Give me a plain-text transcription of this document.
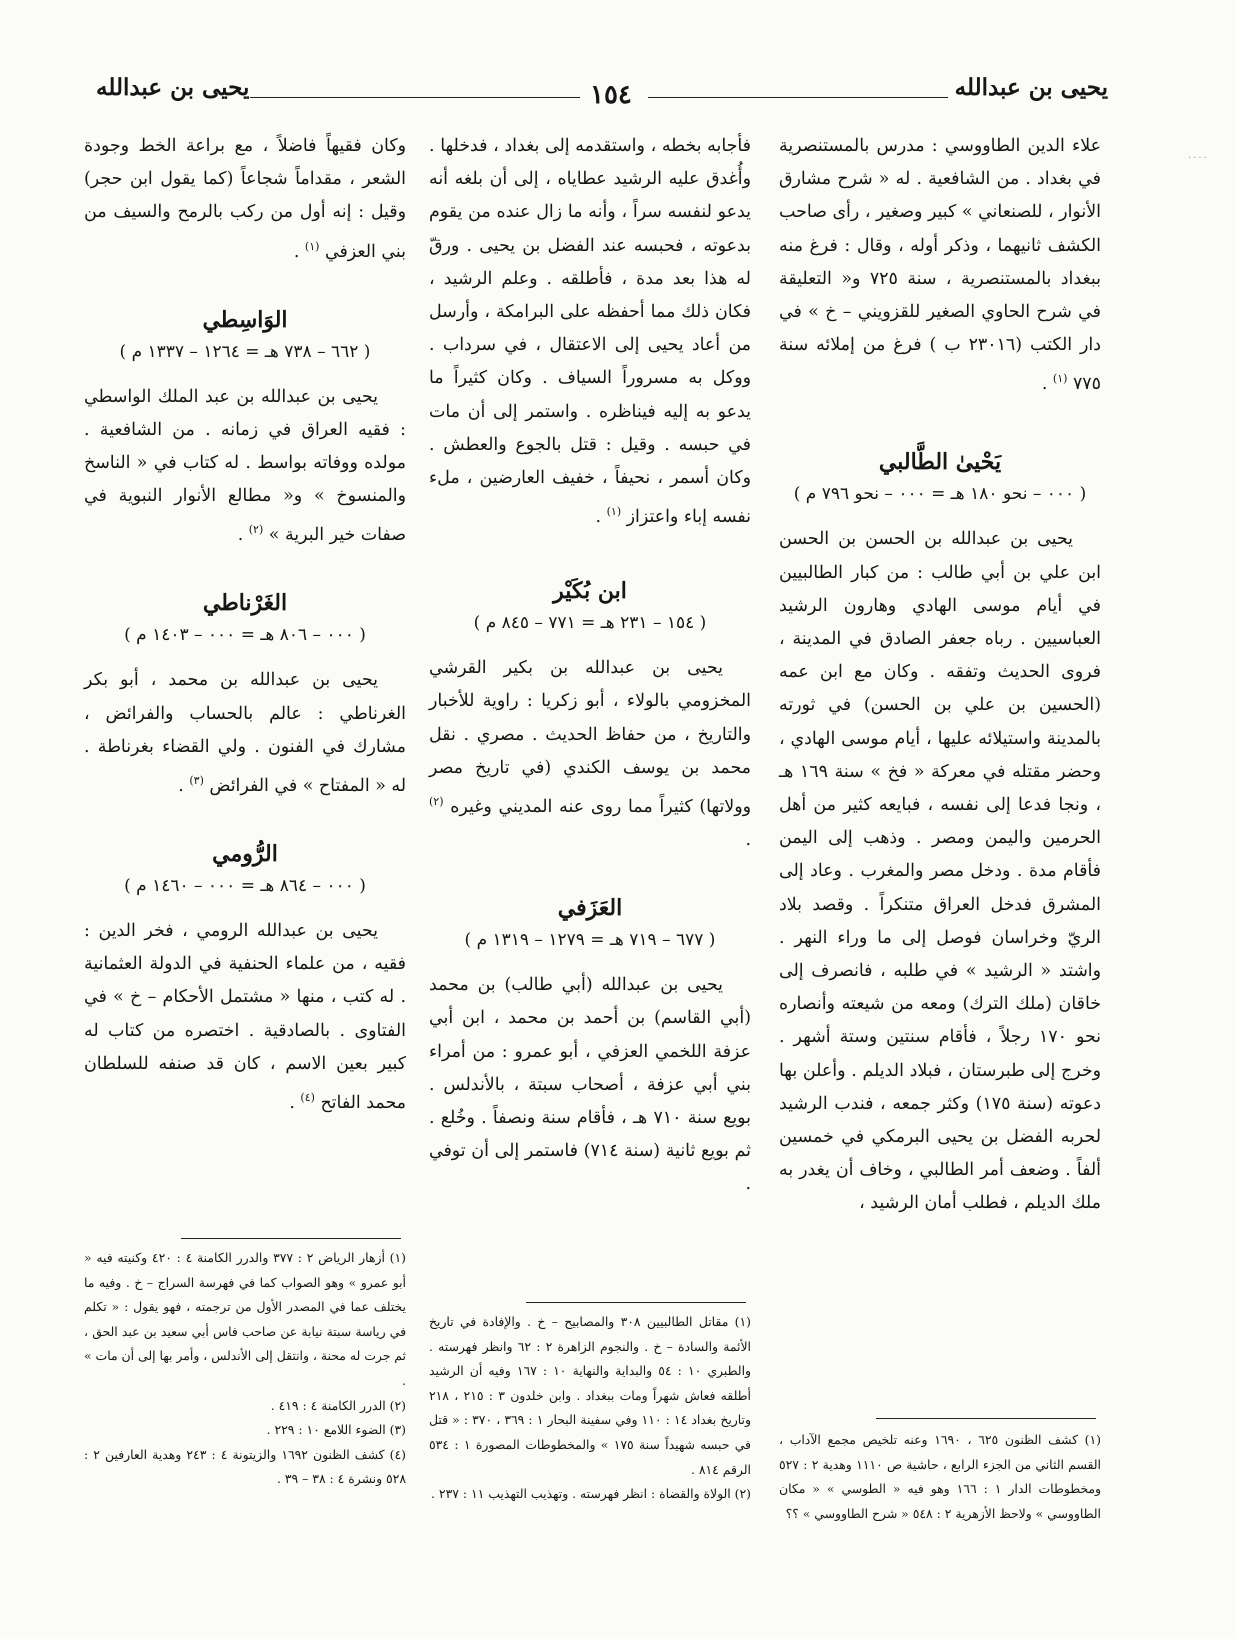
يحيى بن عبدالله
١٥٤
يحيى بن عبدالله

علاء الدين الطاووسي : مدرس بالمستنصرية في بغداد . من الشافعية . له « شرح مشارق الأنوار ، للصنعاني » كبير وصغير ، رأى صاحب الكشف ثانيهما ، وذكر أوله ، وقال : فرغ منه ببغداد بالمستنصرية ، سنة ٧٢٥ و« التعليقة في شرح الحاوي الصغير للقزويني – خ » في دار الكتب (٢٣٠١٦ ب ) فرغ من إملائه سنة ٧٧٥ $^{(١)}$ .

يَحْيىٰ الطَّالبي
( ٠٠٠ – نحو ١٨٠ هـ = ٠٠٠ – نحو ٧٩٦ م )

يحيى بن عبدالله بن الحسن بن الحسن ابن علي بن أبي طالب : من كبار الطالبيين في أيام موسى الهادي وهارون الرشيد العباسيين . رباه جعفر الصادق في المدينة ، فروى الحديث وتفقه . وكان مع ابن عمه (الحسين بن علي بن الحسن) في ثورته بالمدينة واستيلائه عليها ، أيام موسى الهادي ، وحضر مقتله في معركة « فخ » سنة ١٦٩ هـ ، ونجا فدعا إلى نفسه ، فبايعه كثير من أهل الحرمين واليمن ومصر . وذهب إلى اليمن فأقام مدة . ودخل مصر والمغرب . وعاد إلى المشرق فدخل العراق متنكراً . وقصد بلاد الريّ وخراسان فوصل إلى ما وراء النهر . واشتد « الرشيد » في طلبه ، فانصرف إلى خاقان (ملك الترك) ومعه من شيعته وأنصاره نحو ١٧٠ رجلاً ، فأقام سنتين وستة أشهر . وخرج إلى طبرستان ، فبلاد الديلم . وأعلن بها دعوته (سنة ١٧٥) وكثر جمعه ، فندب الرشيد لحربه الفضل بن يحيى البرمكي في خمسين ألفاً . وضعف أمر الطالبي ، وخاف أن يغدر به ملك الديلم ، فطلب أمان الرشيد ،

فأجابه بخطه ، واستقدمه إلى بغداد ، فدخلها . وأُغدق عليه الرشيد عطاياه ، إلى أن بلغه أنه يدعو لنفسه سراً ، وأنه ما زال عنده من يقوم بدعوته ، فحبسه عند الفضل بن يحيى . ورقّ له هذا بعد مدة ، فأطلقه . وعلم الرشيد ، فكان ذلك مما أحفظه على البرامكة ، وأرسل من أعاد يحيى إلى الاعتقال ، في سرداب . ووكل به مسروراً السياف . وكان كثيراً ما يدعو به إليه فيناظره . واستمر إلى أن مات في حبسه . وقيل : قتل بالجوع والعطش . وكان أسمر ، نحيفاً ، خفيف العارضين ، ملء نفسه إباء واعتزاز $^{(١)}$ .

ابن بُكَيْر
( ١٥٤ – ٢٣١ هـ = ٧٧١ – ٨٤٥ م )

يحيى بن عبدالله بن بكير القرشي المخزومي بالولاء ، أبو زكريا : راوية للأخبار والتاريخ ، من حفاظ الحديث . مصري . نقل محمد بن يوسف الكندي (في تاريخ مصر وولاتها) كثيراً مما روى عنه المديني وغيره $^{(٢)}$ .

العَزَفي
( ٦٧٧ – ٧١٩ هـ = ١٢٧٩ – ١٣١٩ م )

يحيى بن عبدالله (أبي طالب) بن محمد (أبي القاسم) بن أحمد بن محمد ، ابن أبي عزفة اللخمي العزفي ، أبو عمرو : من أمراء بني أبي عزفة ، أصحاب سبتة ، بالأندلس . بويع سنة ٧١٠ هـ ، فأقام سنة ونصفاً . وخُلع . ثم بويع ثانية (سنة ٧١٤) فاستمر إلى أن توفي .

وكان فقيهاً فاضلاً ، مع براعة الخط وجودة الشعر ، مقداماً شجاعاً (كما يقول ابن حجر) وقيل : إنه أول من ركب بالرمح والسيف من بني العزفي $^{(١)}$ .

الوَاسِطي
( ٦٦٢ – ٧٣٨ هـ = ١٢٦٤ – ١٣٣٧ م )

يحيى بن عبدالله بن عبد الملك الواسطي : فقيه العراق في زمانه . من الشافعية . مولده ووفاته بواسط . له كتاب في « الناسخ والمنسوخ » و« مطالع الأنوار النبوية في صفات خير البرية » $^{(٢)}$ .

الغَرْناطي
( ٠٠٠ – ٨٠٦ هـ = ٠٠٠ – ١٤٠٣ م )

يحيى بن عبدالله بن محمد ، أبو بكر الغرناطي : عالم بالحساب والفرائض ، مشارك في الفنون . ولي القضاء بغرناطة . له « المفتاح » في الفرائض $^{(٣)}$ .

الرُّومي
( ٠٠٠ – ٨٦٤ هـ = ٠٠٠ – ١٤٦٠ م )

يحيى بن عبدالله الرومي ، فخر الدين : فقيه ، من علماء الحنفية في الدولة العثمانية . له كتب ، منها « مشتمل الأحكام – خ » في الفتاوى . بالصادقية . اختصره من كتاب له كبير بعين الاسم ، كان قد صنفه للسلطان محمد الفاتح $^{(٤)}$ .

(١) كشف الظنون ٦٢٥ ، ١٦٩٠ وعنه تلخيص مجمع الآداب ، القسم الثاني من الجزء الرابع ، حاشية ص ١١١٠ وهدية ٢ : ٥٢٧ ومخطوطات الدار ١ : ١٦٦ وهو فيه « الطوسي » « مكان الطاووسي » ولاحظ الأزهرية ٢ : ٥٤٨ « شرح الطاووسي » ؟؟

(١) مقاتل الطالبيين ٣٠٨ والمصابيح – خ . والإفادة في تاريخ الأئمة والسادة – خ . والنجوم الزاهرة ٢ : ٦٢ وانظر فهرسته . والطبري ١٠ : ٥٤ والبداية والنهاية ١٠ : ١٦٧ وفيه أن الرشيد أطلقه فعاش شهراً ومات ببغداد . وابن خلدون ٣ : ٢١٥ ، ٢١٨ وتاريخ بغداد ١٤ : ١١٠ وفي سفينة البحار ١ : ٣٦٩ ، ٣٧٠ : « قتل في حبسه شهيداً سنة ١٧٥ » والمخطوطات المصورة ١ : ٥٣٤ الرقم ٨١٤ .

(٢) الولاة والقضاة : انظر فهرسته . وتهذيب التهذيب ١١ : ٢٣٧ .

(١) أزهار الرياض ٢ : ٣٧٧ والدرر الكامنة ٤ : ٤٢٠ وكنيته فيه « أبو عمرو » وهو الصواب كما في فهرسة السراج – خ . وفيه ما يختلف عما في المصدر الأول من ترجمته ، فهو يقول : « تكلم في رياسة سبتة نيابة عن صاحب فاس أبي سعيد بن عبد الحق ، ثم جرت له محنة ، وانتقل إلى الأندلس ، وأمر بها إلى أن مات » .

(٢) الدرر الكامنة ٤ : ٤١٩ .

(٣) الضوء اللامع ١٠ : ٢٢٩ .

(٤) كشف الظنون ١٦٩٢ والزيتونة ٤ : ٢٤٣ وهدية العارفين ٢ : ٥٢٨ ونشرة ٤ : ٣٨ – ٣٩ .

....
